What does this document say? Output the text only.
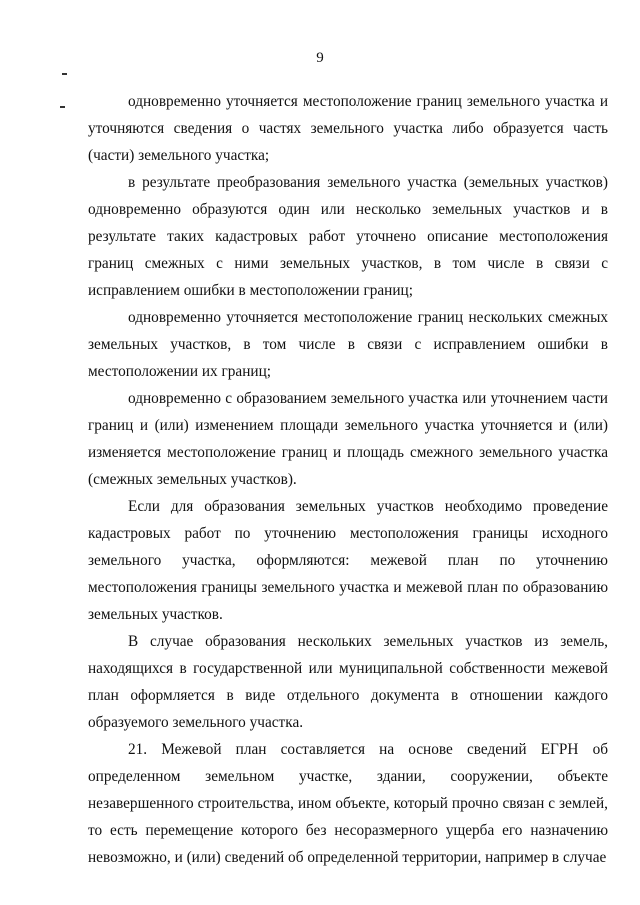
9

одновременно уточняется местоположение границ земельного участка и уточняются сведения о частях земельного участка либо образуется часть (части) земельного участка;

в результате преобразования земельного участка (земельных участков) одновременно образуются один или несколько земельных участков и в результате таких кадастровых работ уточнено описание местоположения границ смежных с ними земельных участков, в том числе в связи с исправлением ошибки в местоположении границ;

одновременно уточняется местоположение границ нескольких смежных земельных участков, в том числе в связи с исправлением ошибки в местоположении их границ;

одновременно с образованием земельного участка или уточнением части границ и (или) изменением площади земельного участка уточняется и (или) изменяется местоположение границ и площадь смежного земельного участка (смежных земельных участков).

Если для образования земельных участков необходимо проведение кадастровых работ по уточнению местоположения границы исходного земельного участка, оформляются: межевой план по уточнению местоположения границы земельного участка и межевой план по образованию земельных участков.

В случае образования нескольких земельных участков из земель, находящихся в государственной или муниципальной собственности межевой план оформляется в виде отдельного документа в отношении каждого образуемого земельного участка.

21. Межевой план составляется на основе сведений ЕГРН об определенном земельном участке, здании, сооружении, объекте незавершенного строительства, ином объекте, который прочно связан с землей, то есть перемещение которого без несоразмерного ущерба его назначению невозможно, и (или) сведений об определенной территории, например в случае
